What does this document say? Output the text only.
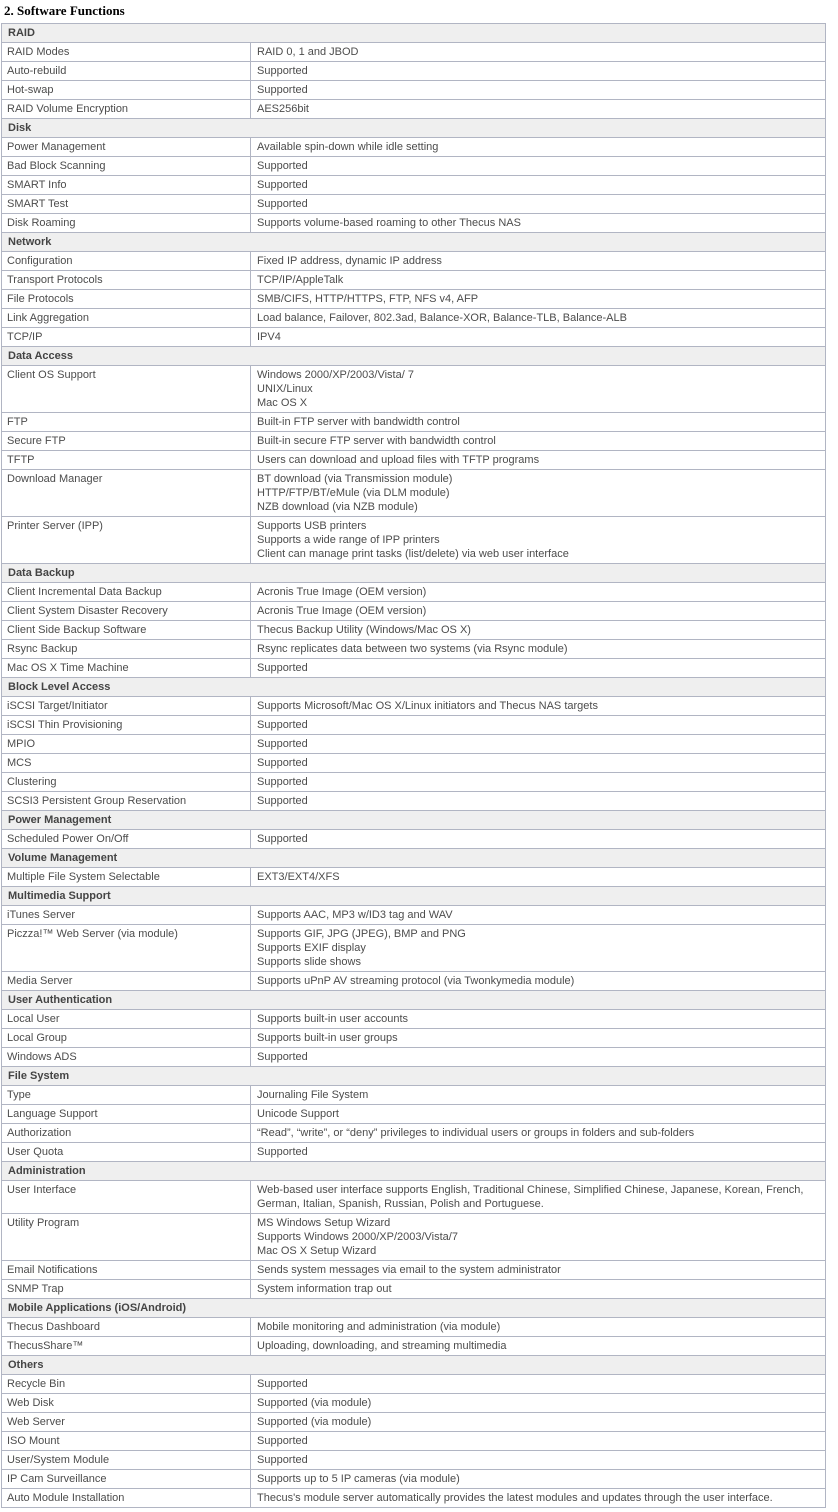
2. Software Functions
RAID	
RAID Modes	RAID 0, 1 and JBOD

Auto-rebuild	Supported

Hot-swap	Supported

RAID Volume Encryption	AES256bit

Disk	
Power Management	Available spin-down while idle setting

Bad Block Scanning	Supported

SMART Info	Supported

SMART Test	Supported

Disk Roaming	Supports volume-based roaming to other Thecus NAS

Network	
Configuration	Fixed IP address, dynamic IP address

Transport Protocols	TCP/IP/AppleTalk

File Protocols	SMB/CIFS, HTTP/HTTPS, FTP, NFS v4, AFP

Link Aggregation	Load balance, Failover, 802.3ad, Balance-XOR, Balance-TLB, Balance-ALB

TCP/IP	IPV4

Data Access	
Client OS Support	Windows 2000/XP/2003/Vista/ 7
UNIX/Linux
Mac OS X

FTP	Built-in FTP server with bandwidth control

Secure FTP	Built-in secure FTP server with bandwidth control

TFTP	Users can download and upload files with TFTP programs

Download Manager	BT download (via Transmission module)
HTTP/FTP/BT/eMule (via DLM module)
NZB download (via NZB module)

Printer Server (IPP)	Supports USB printers
Supports a wide range of IPP printers
Client can manage print tasks (list/delete) via web user interface

Data Backup	
Client Incremental Data Backup	Acronis True Image (OEM version)

Client System Disaster Recovery	Acronis True Image (OEM version)

Client Side Backup Software	Thecus Backup Utility (Windows/Mac OS X)

Rsync Backup	Rsync replicates data between two systems (via Rsync module)

Mac OS X Time Machine	Supported

Block Level Access	
iSCSI Target/Initiator	Supports Microsoft/Mac OS X/Linux initiators and Thecus NAS targets

iSCSI Thin Provisioning	Supported

MPIO	Supported

MCS	Supported

Clustering	Supported

SCSI3 Persistent Group Reservation	Supported

Power Management	
Scheduled Power On/Off	Supported

Volume Management	
Multiple File System Selectable	EXT3/EXT4/XFS

Multimedia Support	
iTunes Server	Supports AAC, MP3 w/ID3 tag and WAV

Piczza!™ Web Server (via module)	Supports GIF, JPG (JPEG), BMP and PNG
Supports EXIF display
Supports slide shows

Media Server	Supports uPnP AV streaming protocol (via Twonkymedia module)

User Authentication	
Local User	Supports built-in user accounts

Local Group	Supports built-in user groups

Windows ADS	Supported

File System	
Type	Journaling File System

Language Support	Unicode Support

Authorization	“Read”, “write”, or “deny” privileges to individual users or groups in folders and sub-folders

User Quota	Supported

Administration	
User Interface	Web-based user interface supports English, Traditional Chinese, Simplified Chinese, Japanese, Korean, French, German, Italian, Spanish, Russian, Polish and Portuguese.

Utility Program	MS Windows Setup Wizard
Supports Windows 2000/XP/2003/Vista/7
Mac OS X Setup Wizard

Email Notifications	Sends system messages via email to the system administrator

SNMP Trap	System information trap out

Mobile Applications (iOS/Android)	
Thecus Dashboard	Mobile monitoring and administration (via module)

ThecusShare™	Uploading, downloading, and streaming multimedia

Others	
Recycle Bin	Supported

Web Disk	Supported (via module)

Web Server	Supported (via module)

ISO Mount	Supported

User/System Module	Supported

IP Cam Surveillance	Supports up to 5 IP cameras (via module)

Auto Module Installation	Thecus's module server automatically provides the latest modules and updates through the user interface.
